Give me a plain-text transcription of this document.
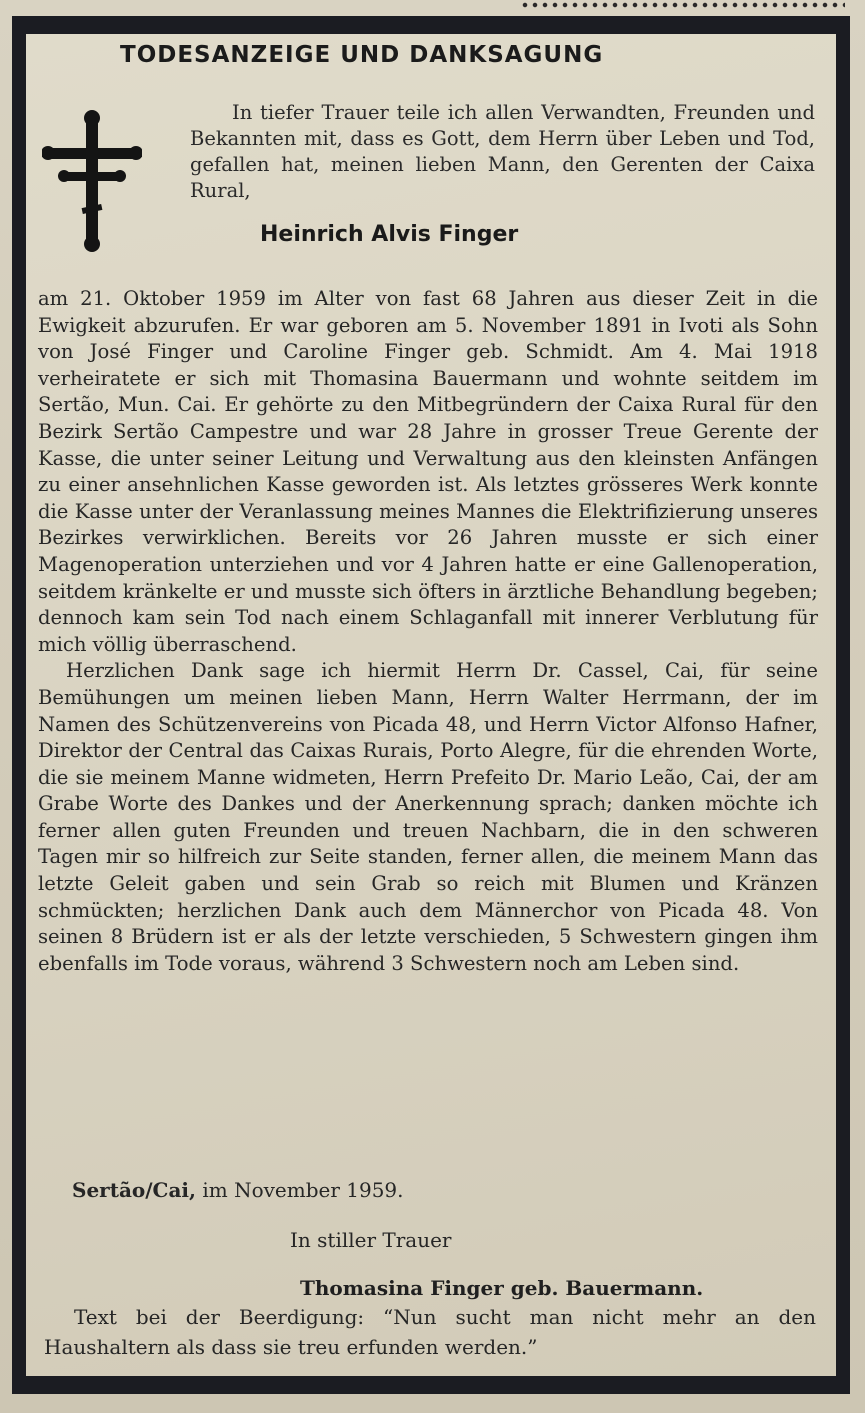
TODESANZEIGE UND DANKSAGUNG
In tiefer Trauer teile ich allen Verwandten, Freunden und Bekannten mit, dass es Gott, dem Herrn über Leben und Tod, gefallen hat, meinen lieben Mann, den Gerenten der Caixa Rural,
Heinrich Alvis Finger

am 21. Oktober 1959 im Alter von fast 68 Jahren aus dieser Zeit in die Ewigkeit abzurufen. Er war geboren am 5. November 1891 in Ivoti als Sohn von José Finger und Caroline Finger geb. Schmidt. Am 4. Mai 1918 verheiratete er sich mit Thomasina Bauermann und wohnte seitdem im Sertão, Mun. Cai. Er gehörte zu den Mitbegründern der Caixa Rural für den Bezirk Sertão Campestre und war 28 Jahre in grosser Treue Gerente der Kasse, die unter seiner Leitung und Verwaltung aus den kleinsten Anfängen zu einer ansehnlichen Kasse geworden ist. Als letztes grösseres Werk konnte die Kasse unter der Veranlassung meines Mannes die Elektrifizierung unseres Bezirkes verwirklichen. Bereits vor 26 Jahren musste er sich einer Magenoperation unterziehen und vor 4 Jahren hatte er eine Gallenoperation, seitdem kränkelte er und musste sich öfters in ärztliche Behandlung begeben; dennoch kam sein Tod nach einem Schlaganfall mit innerer Verblutung für mich völlig überraschend.

Herzlichen Dank sage ich hiermit Herrn Dr. Cassel, Cai, für seine Bemühungen um meinen lieben Mann, Herrn Walter Herrmann, der im Namen des Schützenvereins von Picada 48, und Herrn Victor Alfonso Hafner, Direktor der Central das Caixas Rurais, Porto Alegre, für die ehrenden Worte, die sie meinem Manne widmeten, Herrn Prefeito Dr. Mario Leão, Cai, der am Grabe Worte des Dankes und der Anerkennung sprach; danken möchte ich ferner allen guten Freunden und treuen Nachbarn, die in den schweren Tagen mir so hilfreich zur Seite standen, ferner allen, die meinem Mann das letzte Geleit gaben und sein Grab so reich mit Blumen und Kränzen schmückten; herzlichen Dank auch dem Männerchor von Picada 48. Von seinen 8 Brüdern ist er als der letzte verschieden, 5 Schwestern gingen ihm ebenfalls im Tode voraus, während 3 Schwestern noch am Leben sind.

Sertão/Cai, im November 1959.
In stiller Trauer
Thomasina Finger geb. Bauermann.

Text bei der Beerdigung: “Nun sucht man nicht mehr an den Haushaltern als dass sie treu erfunden werden.”
